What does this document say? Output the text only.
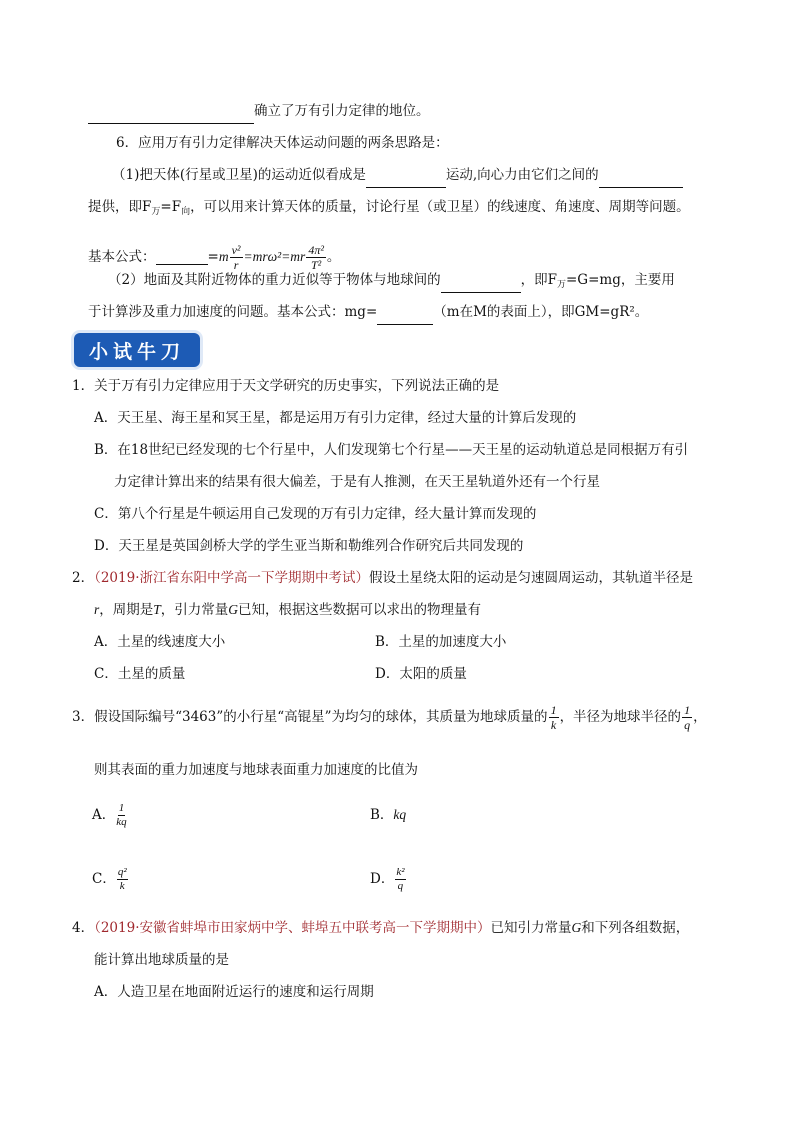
确立了万有引力定律的地位。
6．应用万有引力定律解决天体运动问题的两条思路是：
（1)把天体(行星或卫星)的运动近似看成是	运动,向心力由它们之间的
提供，即$F_万=F_向$，可以用来计算天体的质量，讨论行星（或卫星）的线速度、角速度、周期等问题。
基本公式：	$=m \frac{\text{v²}}{r} =mr\omega^2=mr \frac{\text{4π²}}{\text{T²}}$ 。
（2）地面及其附近物体的重力近似等于物体与地球间的	，即$F_万=G=mg$，主要用
于计算涉及重力加速度的问题。基本公式：mg=	（m在M的表面上），即GM=gR²。
小试牛刀
1．关于万有引力定律应用于天文学研究的历史事实，下列说法正确的是
A．天王星、海王星和冥王星，都是运用万有引力定律，经过大量的计算后发现的
B．在18世纪已经发现的七个行星中，人们发现第七个行星——天王星的运动轨道总是同根据万有引
力定律计算出来的结果有很大偏差，于是有人推测，在天王星轨道外还有一个行星
C．第八个行星是牛顿运用自己发现的万有引力定律，经大量计算而发现的
D．天王星是英国剑桥大学的学生亚当斯和勒维列合作研究后共同发现的
2．（2019·浙江省东阳中学高一下学期期中考试）假设土星绕太阳的运动是匀速圆周运动，其轨道半径是
r，周期是T，引力常量G已知，根据这些数据可以求出的物理量有
A．土星的线速度大小	B．土星的加速度大小
C．土星的质量	D．太阳的质量
3．假设国际编号“3463”的小行星“高锟星”为均匀的球体，其质量为地球质量的 $\frac{1}{k}$ ，半径为地球半径的 $\frac{1}{q}$ ，
则其表面的重力加速度与地球表面重力加速度的比值为
A． $\frac{1}{kq}$	B．kq
C． $\frac{\text{q²}}{k}$	D． $\frac{\text{k²}}{q}$
4．（2019·安徽省蚌埠市田家炳中学、蚌埠五中联考高一下学期期中）已知引力常量G和下列各组数据，
能计算出地球质量的是
A．人造卫星在地面附近运行的速度和运行周期
